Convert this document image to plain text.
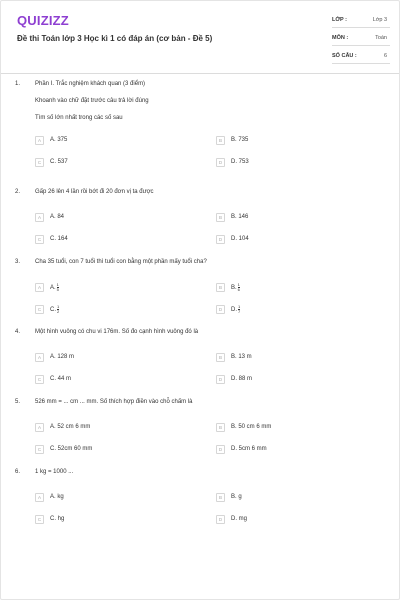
QUIZIZZ
Đề thi Toán lớp 3 Học kì 1 có đáp án (cơ bản - Đề 5)
LỚP :	Lớp 3
MÔN :	Toán
SỐ CÂU :	6
1. Phần I. Trắc nghiệm khách quan (3 điểm)
Khoanh vào chữ đặt trước câu trả lời đúng
Tìm số lớn nhất trong các số sau
A	A. 375	B	B. 735
C	C. 537	D	D. 753
2. Gấp 26 lên 4 lần rồi bớt đi 20 đơn vị ta được
A	A. 84	B	B. 146
C	C. 164	D	D. 104
3. Cha 35 tuổi, con 7 tuổi thì tuổi con bằng một phần mấy tuổi cha?
A	A. $\frac{1}{5}$	B	B. $\frac{1}{6}$
C	C. $\frac{1}{2}$	D	D. $\frac{1}{7}$
4. Một hình vuông có chu vi 176m. Số đo cạnh hình vuông đó là
A	A. 128 m	B	B. 13 m
C	C. 44 m	D	D. 88 m
5. 526 mm = ... cm ... mm. Số thích hợp điền vào chỗ chấm là
A	A. 52 cm 6 mm	B	B. 50 cm 6 mm
C	C. 52cm 60 mm	D	D. 5cm 6 mm
6. 1 kg = 1000 ...
A	A. kg	B	B. g
C	C. hg	D	D. mg
